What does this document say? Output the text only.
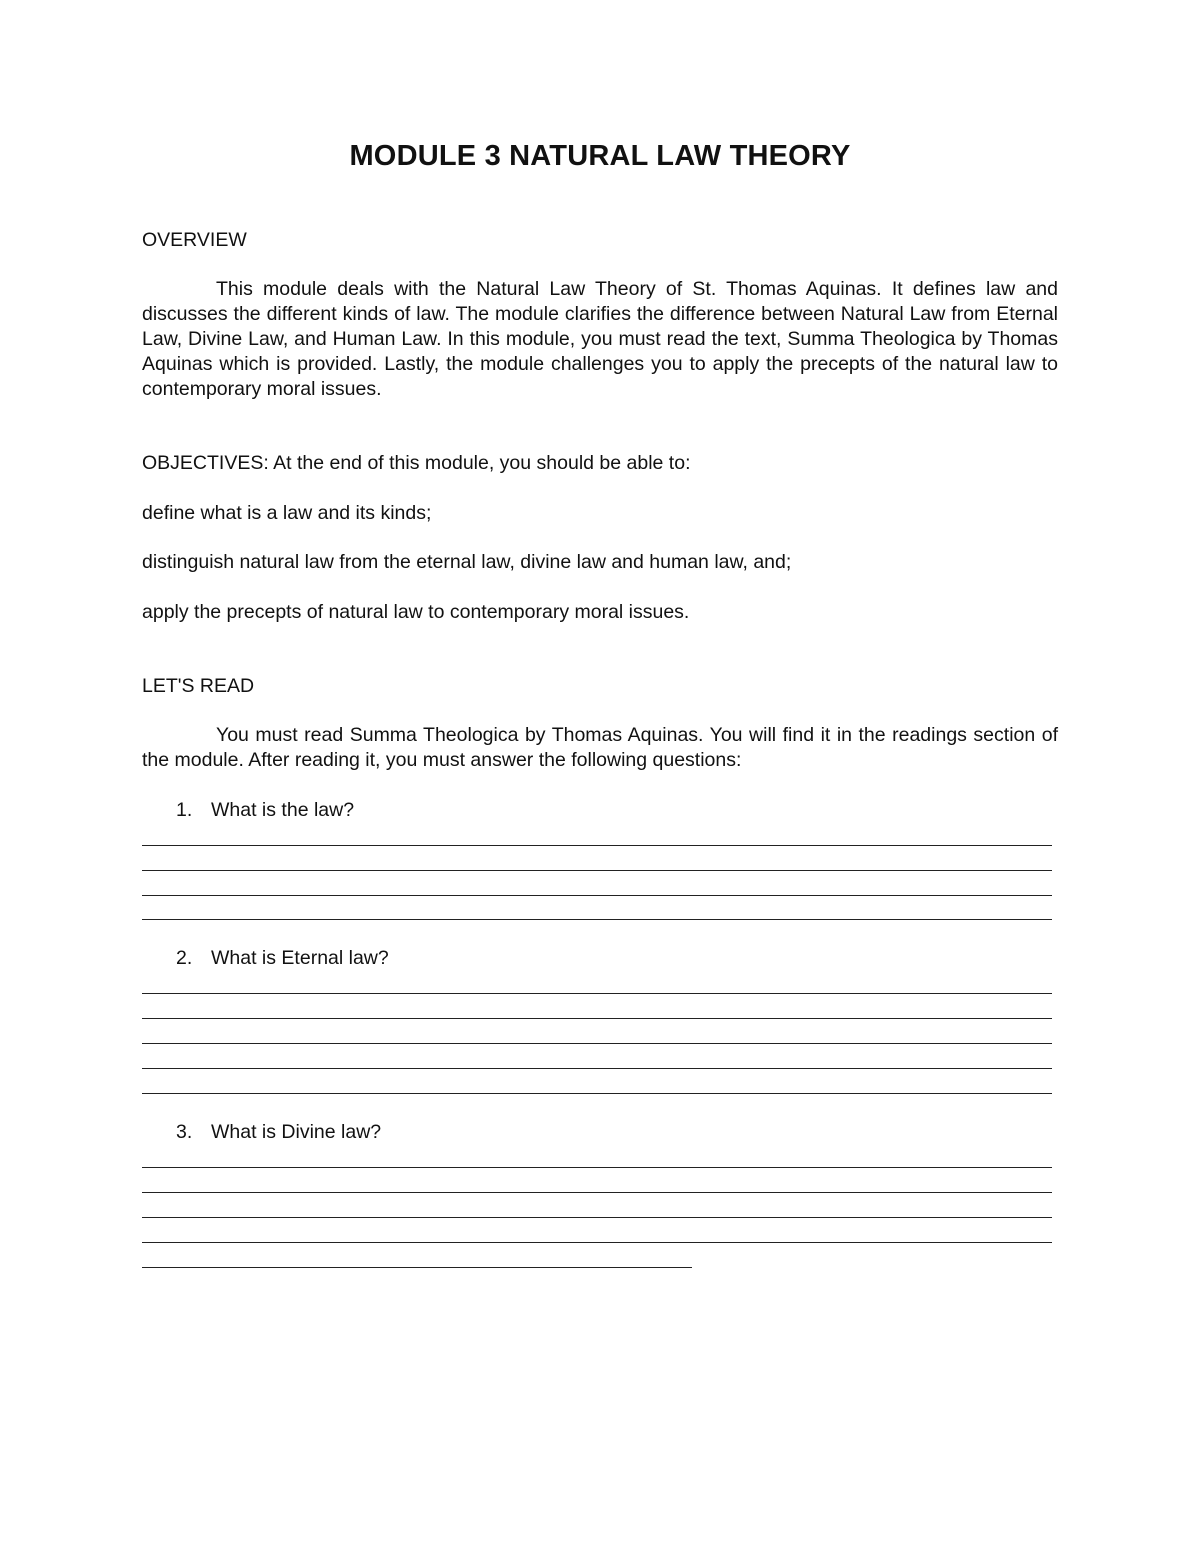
MODULE 3 NATURAL LAW THEORY

OVERVIEW

This module deals with the Natural Law Theory of St. Thomas Aquinas. It defines law and discusses the different kinds of law. The module clarifies the difference between Natural Law from Eternal Law, Divine Law, and Human Law. In this module, you must read the text, Summa Theologica by Thomas Aquinas which is provided. Lastly, the module challenges you to apply the precepts of the natural law to contemporary moral issues.

OBJECTIVES: At the end of this module, you should be able to:

define what is a law and its kinds;

distinguish natural law from the eternal law, divine law and human law, and;

apply the precepts of natural law to contemporary moral issues.

LET'S READ

You must read Summa Theologica by Thomas Aquinas. You will find it in the readings section of the module. After reading it, you must answer the following questions:

1. What is the law?
2. What is Eternal law?
3. What is Divine law?
